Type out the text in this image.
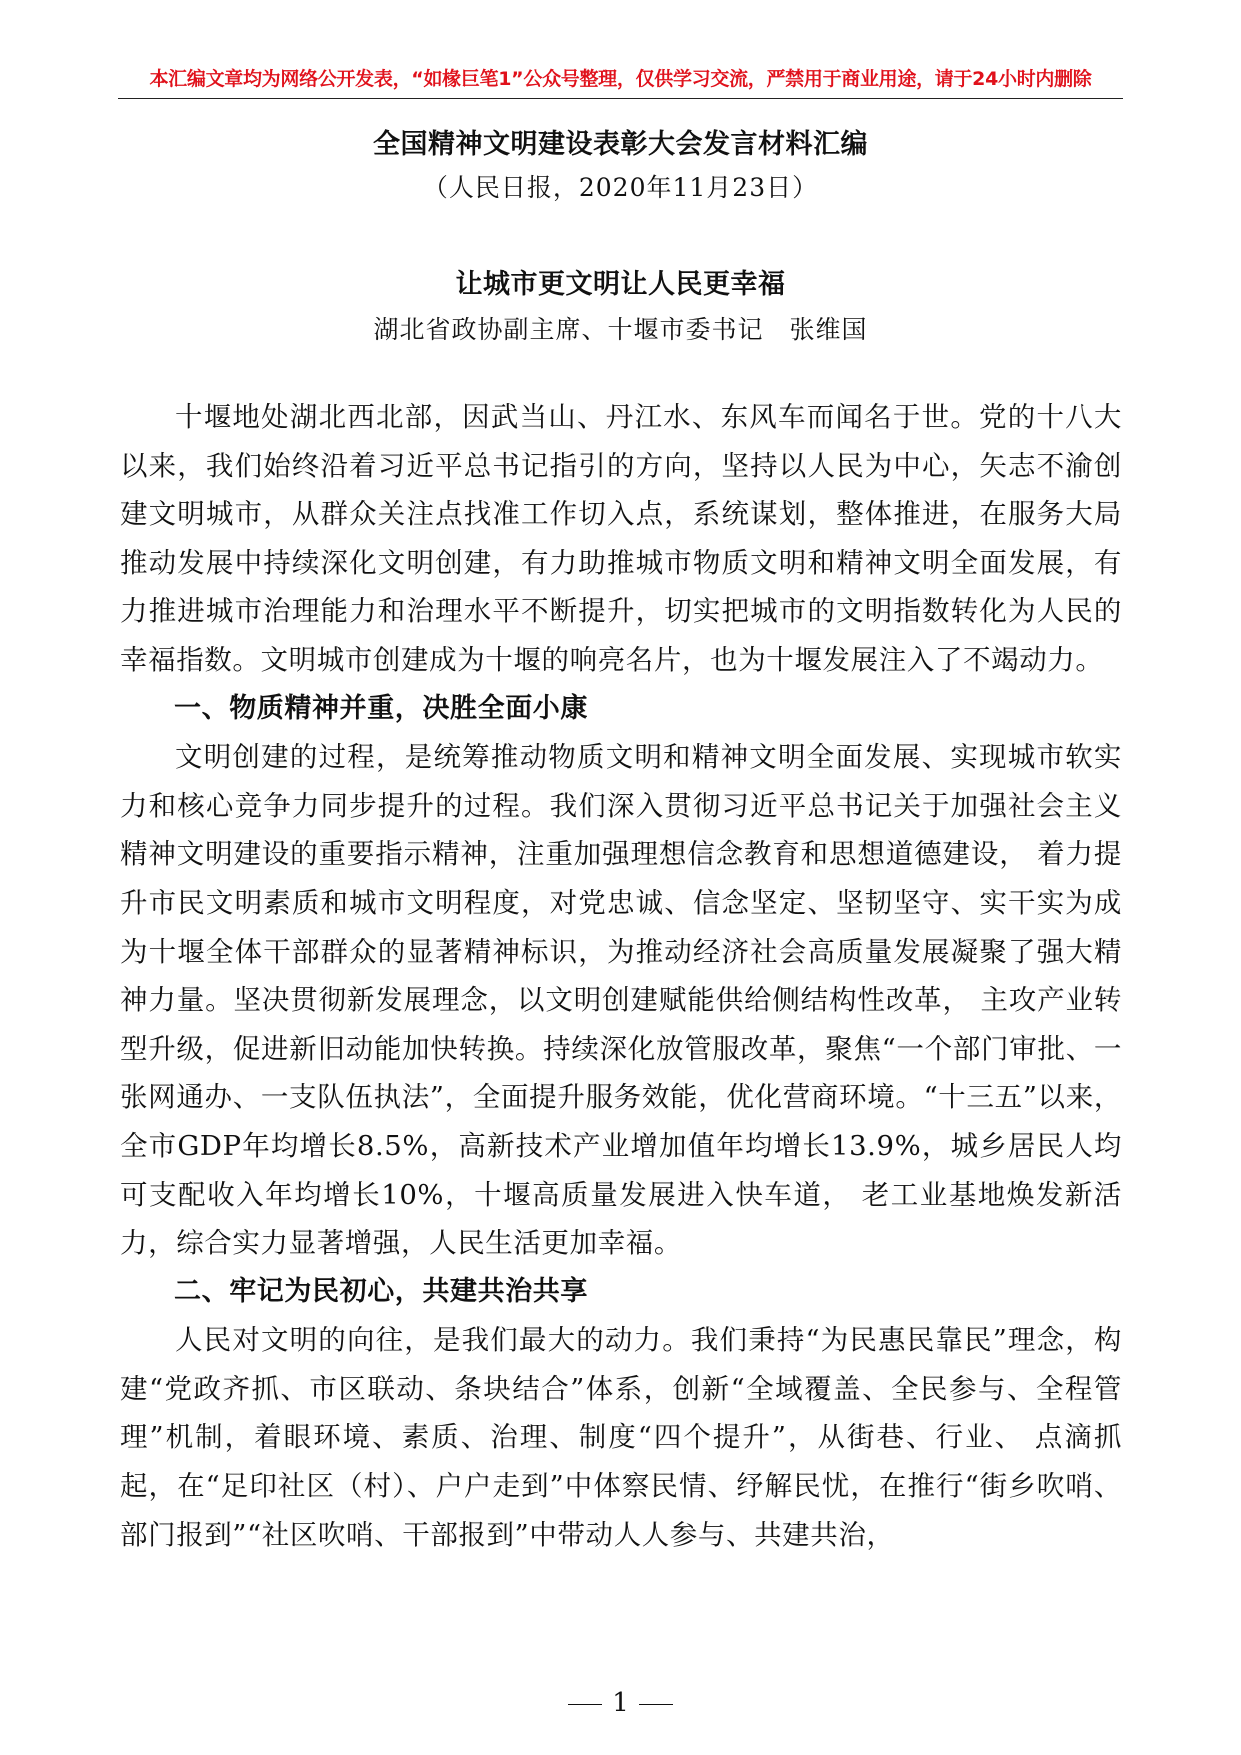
本汇编文章均为网络公开发表，“如椽巨笔1”公众号整理，仅供学习交流，严禁用于商业用途，请于24小时内删除
全国精神文明建设表彰大会发言材料汇编
（人民日报，2020年11月23日）
让城市更文明让人民更幸福
湖北省政协副主席、十堰市委书记　张维国

十堰地处湖北西北部，因武当山、丹江水、东风车而闻名于世。党的十八大以来，我们始终沿着习近平总书记指引的方向，坚持以人民为中心，矢志不渝创建文明城市，从群众关注点找准工作切入点，系统谋划，整体推进，在服务大局推动发展中持续深化文明创建，有力助推城市物质文明和精神文明全面发展，有力推进城市治理能力和治理水平不断提升，切实把城市的文明指数转化为人民的幸福指数。文明城市创建成为十堰的响亮名片，也为十堰发展注入了不竭动力。

一、物质精神并重，决胜全面小康

文明创建的过程，是统筹推动物质文明和精神文明全面发展、实现城市软实力和核心竞争力同步提升的过程。我们深入贯彻习近平总书记关于加强社会主义精神文明建设的重要指示精神，注重加强理想信念教育和思想道德建设， 着力提升市民文明素质和城市文明程度，对党忠诚、信念坚定、坚韧坚守、实干实为成为十堰全体干部群众的显著精神标识，为推动经济社会高质量发展凝聚了强大精神力量。坚决贯彻新发展理念，以文明创建赋能供给侧结构性改革， 主攻产业转型升级，促进新旧动能加快转换。持续深化放管服改革，聚焦“一个部门审批、一张网通办、一支队伍执法”，全面提升服务效能，优化营商环境。“十三五”以来，全市GDP年均增长8.5%，高新技术产业增加值年均增长13.9%，城乡居民人均可支配收入年均增长10%，十堰高质量发展进入快车道， 老工业基地焕发新活力，综合实力显著增强，人民生活更加幸福。

二、牢记为民初心，共建共治共享

人民对文明的向往，是我们最大的动力。我们秉持“为民惠民靠民”理念，构建“党政齐抓、市区联动、条块结合”体系，创新“全域覆盖、全民参与、全程管理”机制，着眼环境、素质、治理、制度“四个提升”，从街巷、行业、 点滴抓起，在“足印社区（村）、户户走到”中体察民情、纾解民忧，在推行“街乡吹哨、部门报到”“社区吹哨、干部报到”中带动人人参与、共建共治，

1
